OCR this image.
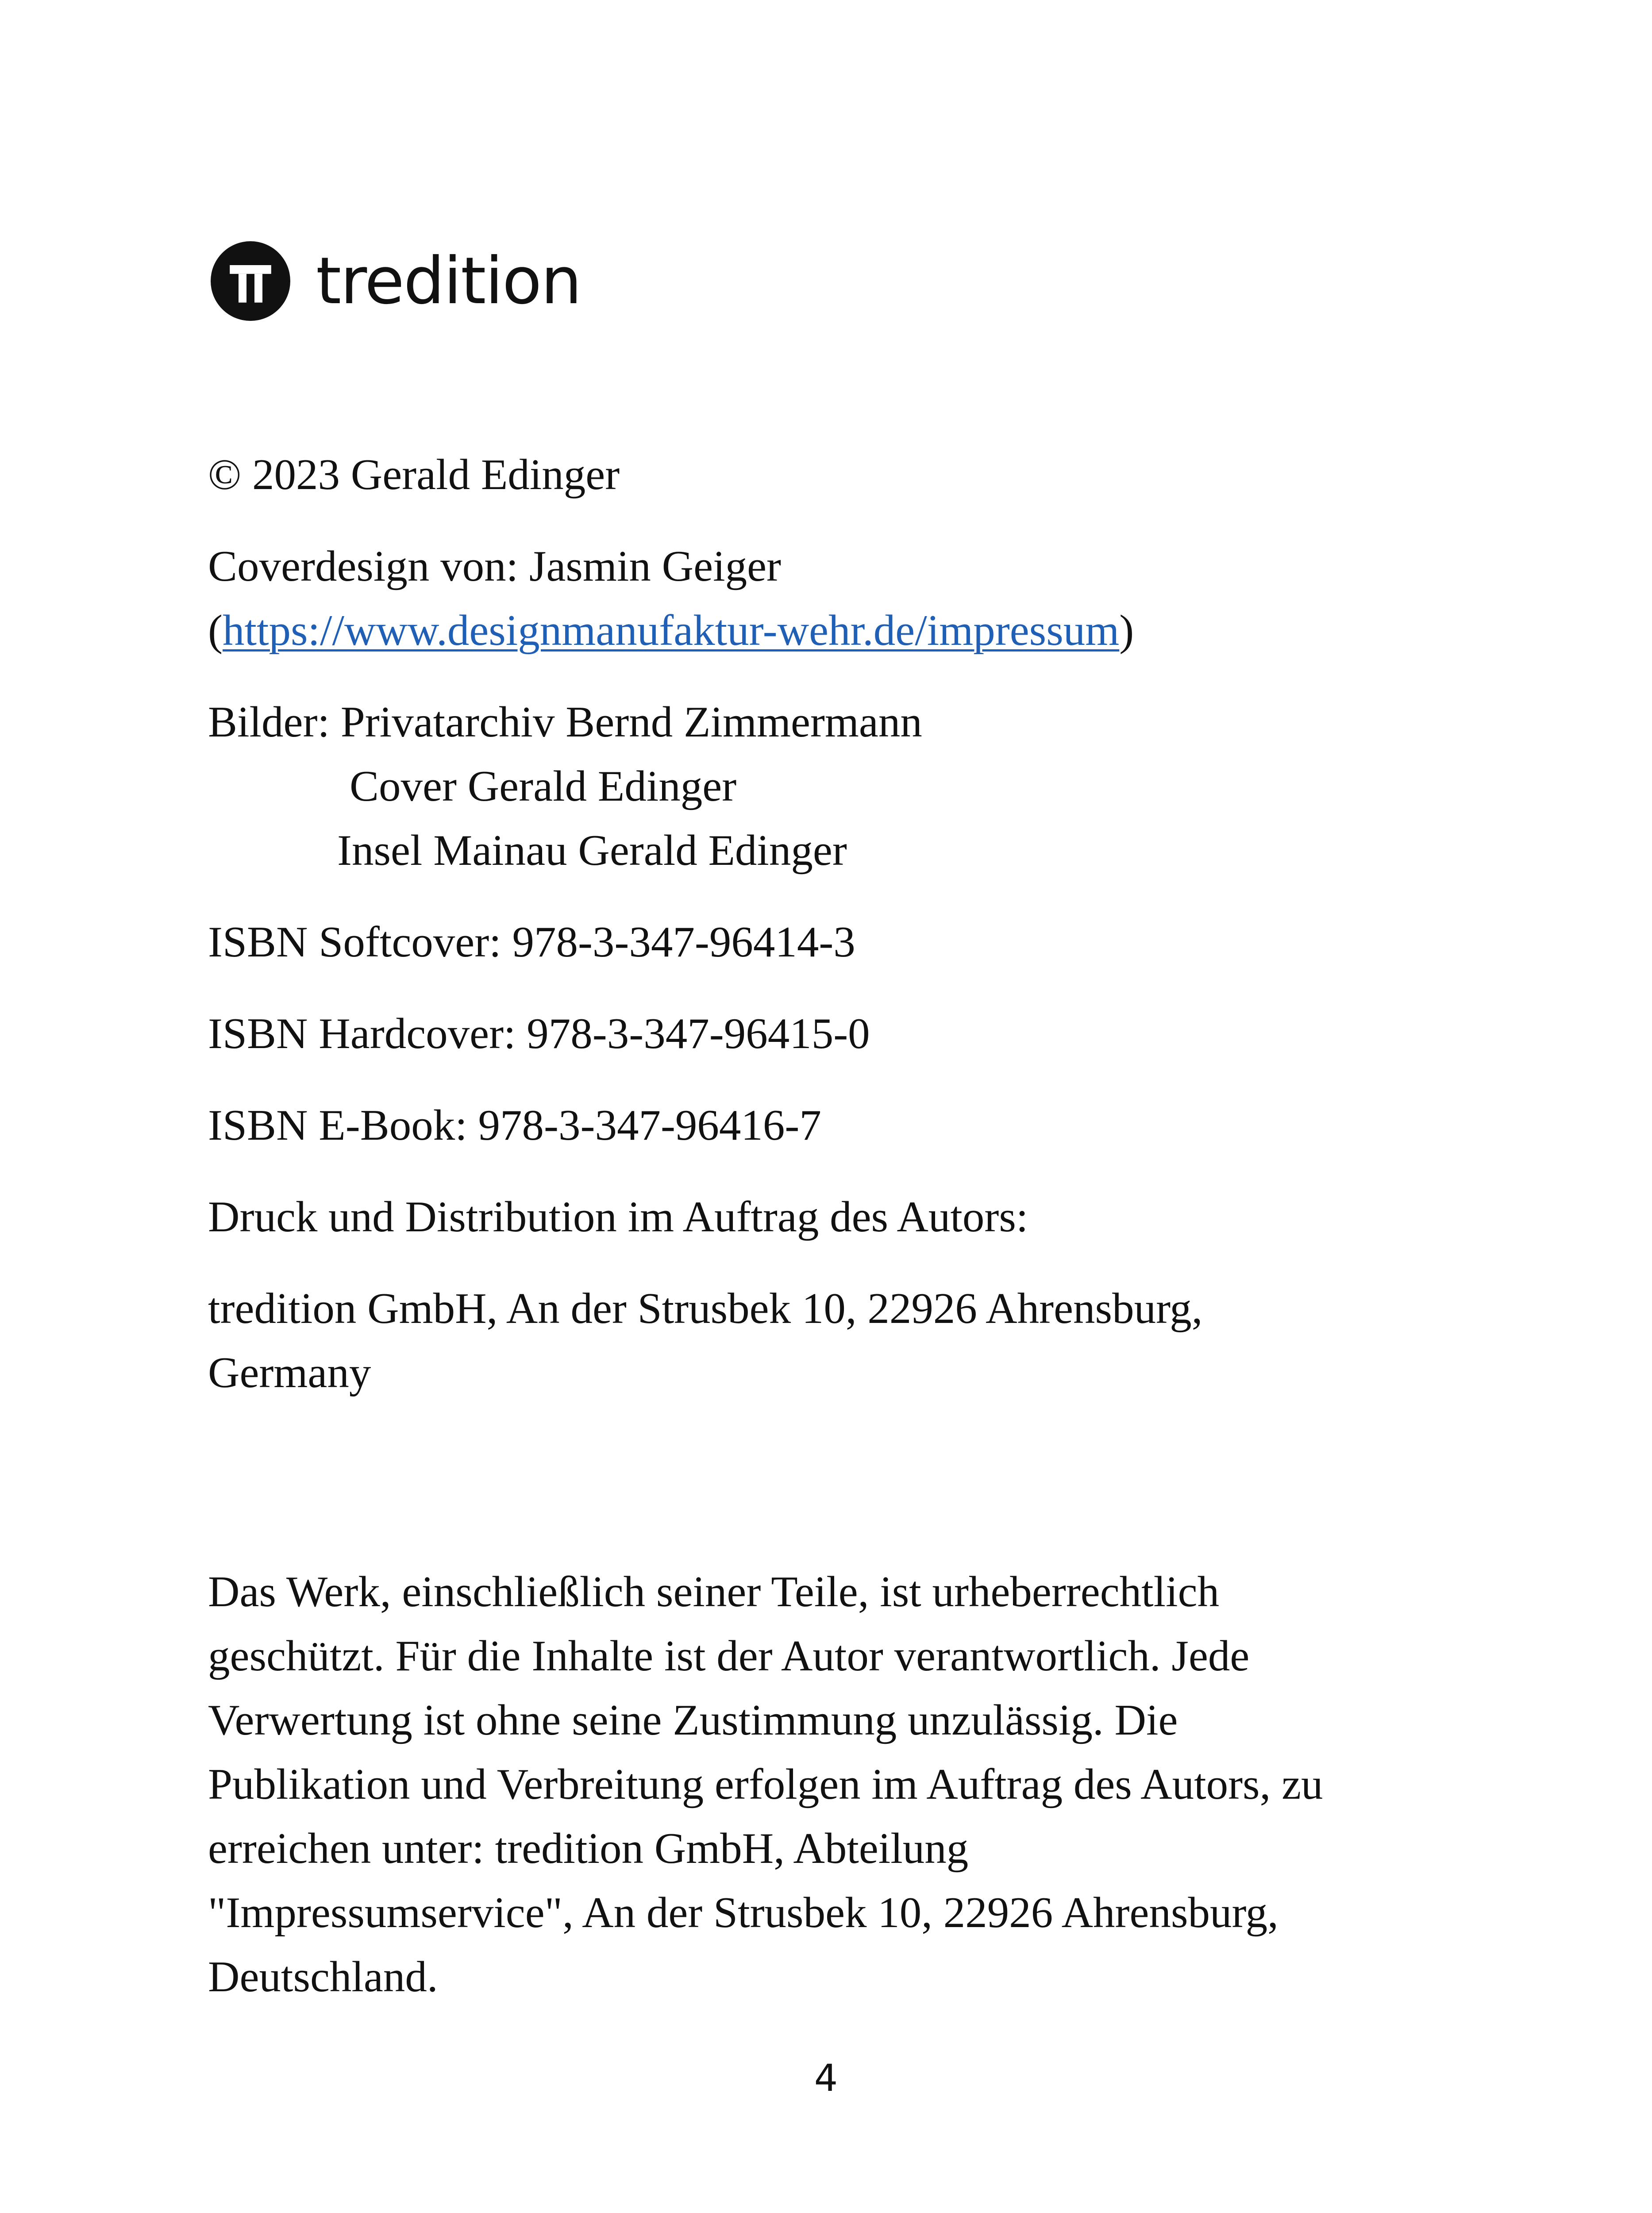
tredition

© 2023 Gerald Edinger

Coverdesign von: Jasmin Geiger

(https://www.designmanufaktur-wehr.de/impressum)

Bilder: Privatarchiv Bernd Zimmermann

Cover Gerald Edinger

Insel Mainau Gerald Edinger

ISBN Softcover: 978-3-347-96414-3

ISBN Hardcover: 978-3-347-96415-0

ISBN E-Book: 978-3-347-96416-7

Druck und Distribution im Auftrag des Autors:

tredition GmbH, An der Strusbek 10, 22926 Ahrensburg,

Germany

Das Werk, einschließlich seiner Teile, ist urheberrechtlich

geschützt. Für die Inhalte ist der Autor verantwortlich. Jede

Verwertung ist ohne seine Zustimmung unzulässig. Die

Publikation und Verbreitung erfolgen im Auftrag des Autors, zu

erreichen unter: tredition GmbH, Abteilung

"Impressumservice", An der Strusbek 10, 22926 Ahrensburg,

Deutschland.

4
